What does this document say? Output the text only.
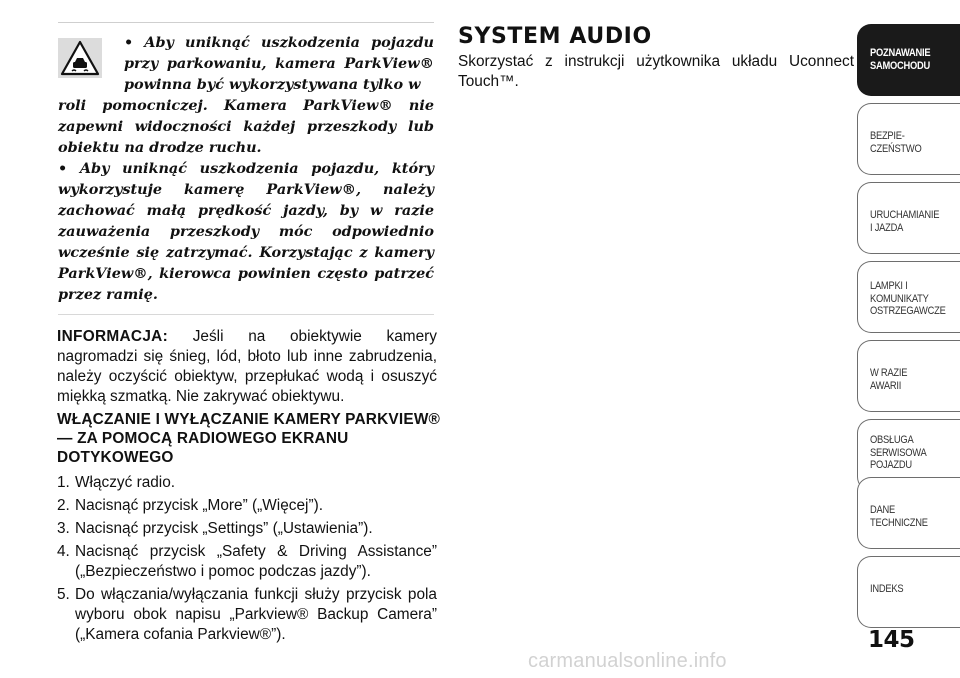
• Aby uniknąć uszkodzenia pojazdu przy parkowaniu, kamera ParkView® powinna być wykorzystywana tylko w

roli pomocniczej. Kamera ParkView® nie zapewni widoczności każdej przeszkody lub obiektu na drodze ruchu.

• Aby uniknąć uszkodzenia pojazdu, który wykorzystuje kamerę ParkView®, należy zachować małą prędkość jazdy, by w razie zauważenia przeszkody móc odpowiednio wcześnie się zatrzymać. Korzystając z kamery ParkView®, kierowca powinien często patrzeć przez ramię.

INFORMACJA: Jeśli na obiektywie kamery nagromadzi się śnieg, lód, błoto lub inne zabrudzenia, należy oczyścić obiektyw, przepłukać wodą i osuszyć miękką szmatką. Nie zakrywać obiektywu.

WŁĄCZANIE I WYŁĄCZANIE KAMERY PARKVIEW® — ZA POMOCĄ RADIOWEGO EKRANU DOTYKOWEGO
1. Włączyć radio.
2. Nacisnąć przycisk „More” („Więcej”).
3. Nacisnąć przycisk „Settings” („Ustawienia”).
4. Nacisnąć przycisk „Safety & Driving Assistance” („Bezpieczeństwo i pomoc podczas jazdy”).
5. Do włączania/wyłączania funkcji służy przycisk pola wyboru obok napisu „Parkview® Backup Camera” („Kamera cofania Parkview®”).
SYSTEM AUDIO

Skorzystać z instrukcji użytkownika układu Uconnect Touch™.

POZNAWANIE
SAMOCHODU
BEZPIE-
CZEŃSTWO
URUCHAMIANIE
I JAZDA
LAMPKI I
KOMUNIKATY
OSTRZEGAWCZE
W RAZIE
AWARII
OBSŁUGA
SERWISOWA
POJAZDU
DANE
TECHNICZNE
INDEKS
145
carmanualsonline.info
